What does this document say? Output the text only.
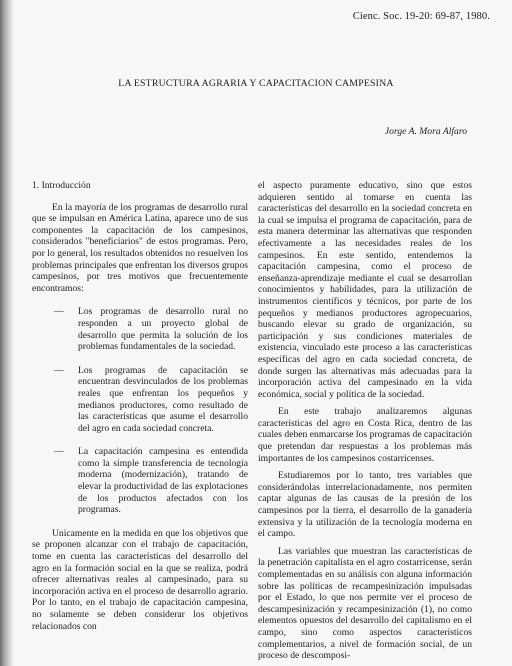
Cienc. Soc. 19-20: 69-87, 1980.
LA ESTRUCTURA AGRARIA Y CAPACITACION CAMPESINA
Jorge A. Mora Alfaro
1. Introducción

En la mayoría de los programas de desarrollo rural que se impulsan en América Latina, aparece uno de sus componentes la capacitación de los campesinos, considerados "beneficiarios" de estos programas. Pero, por lo general, los resultados obtenidos no resuelven los problemas principales que enfrentan los diversos grupos campesinos, por tres motivos que frecuentemente encontramos:

— Los programas de desarrollo rural no responden a un proyecto global de desarrollo que permita la solución de los problemas fundamentales de la sociedad.
— Los programas de capacitación se encuentran desvinculados de los problemas reales que enfrentan los pequeños y medianos productores, como resultado de las características que asume el desarrollo del agro en cada sociedad concreta.
— La capacitación campesina es entendida como la simple transferencia de tecnología moderna (modernización), tratando de elevar la productividad de las explotaciones de los productos afectados con los programas.

Unicamente en la medida en que los objetivos que se proponen alcanzar con el trabajo de capacitación, tome en cuenta las características del desarrollo del agro en la formación social en la que se realiza, podrá ofrecer alternativas reales al campesinado, para su incorporación activa en el proceso de desarrollo agrario. Por lo tanto, en el trabajo de capacitación campesina, no solamente se deben considerar los objetivos relacionados con

el aspecto puramente educativo, sino que estos adquieren sentido al tomarse en cuenta las características del desarrollo en la sociedad concreta en la cual se impulsa el programa de capacitación, para de esta manera determinar las alternativas que responden efectivamente a las necesidades reales de los campesinos. En este sentido, entendemos la capacitación campesina, como el proceso de enseñanza-aprendizaje mediante el cual se desarrollan conocimientos y habilidades, para la utilización de instrumentos científicos y técnicos, por parte de los pequeños y medianos productores agropecuarios, buscando elevar su grado de organización, su participación y sus condiciones materiales de existencia, vinculado este proceso a las características específicas del agro en cada sociedad concreta, de donde surgen las alternativas más adecuadas para la incorporación activa del campesinado en la vida económica, social y política de la sociedad.

En este trabajo analizaremos algunas características del agro en Costa Rica, dentro de las cuales deben enmarcarse los programas de capacitación que pretendan dar respuestas a los problemas más importantes de los campesinos costarricenses.

Estudiaremos por lo tanto, tres variables que considerándolas interrelacionadamente, nos permiten captar algunas de las causas de la presión de los campesinos por la tierra, el desarrollo de la ganadería extensiva y la utilización de la tecnología moderna en el campo.

Las variables que muestran las características de la penetración capitalista en el agro costarricense, serán complementadas en su análisis con alguna información sobre las políticas de recampesinización impulsadas por el Estado, lo que nos permite ver el proceso de descampesinización y recampesinización (1), no como elementos opuestos del desarrollo del capitalismo en el campo, sino como aspectos característicos complementarios, a nivel de formación social, de un proceso de descomposi-
